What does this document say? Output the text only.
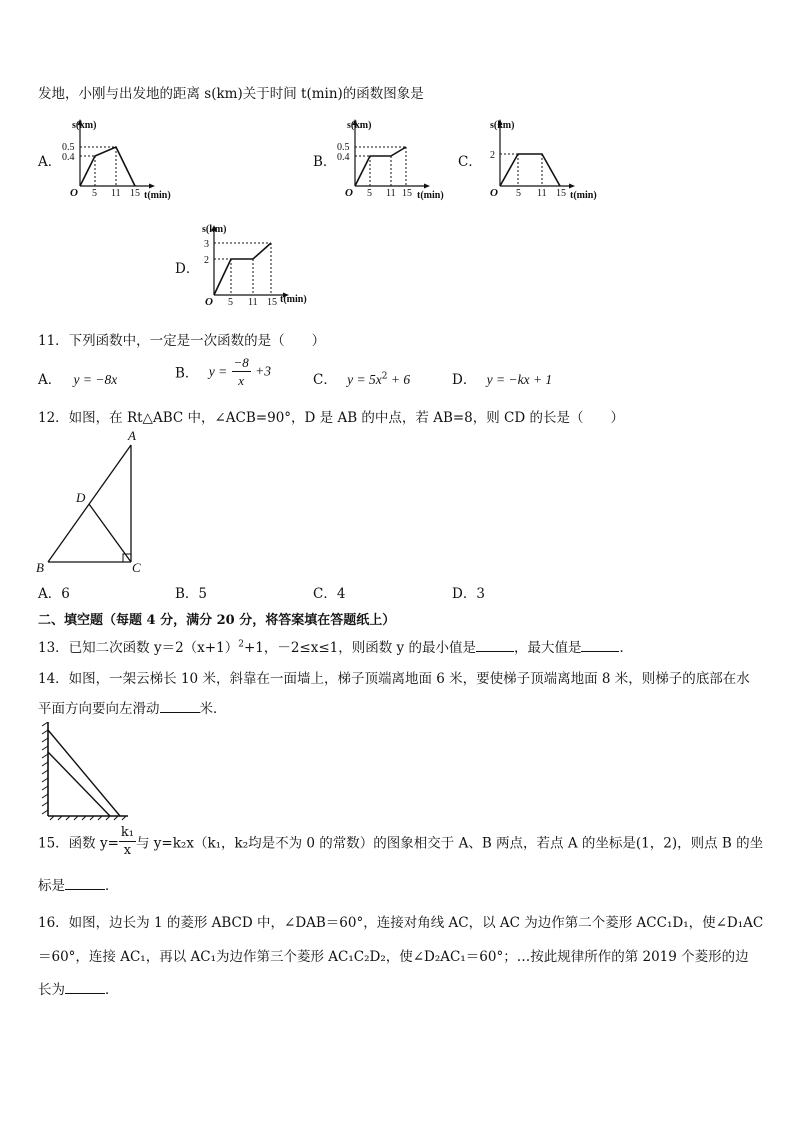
发地，小刚与出发地的距离 s(km)关于时间 t(min)的函数图象是
A．
s(km)
0.5
0.4
O 5 11 15 t(min)
B．
s(km)
0.5
0.4
O 5 11 15 t(min)
C．
s(km)
2
O 5 11 15 t(min)
D．
s(km)
3
2
O 5 11 15 t(min)
11．下列函数中，一定是一次函数的是（　　）
A． y = −8x	B． $y = \frac{-8}{x} +3$
C． $y = 5x^2 + 6$	D． y = −kx + 1
12．如图，在 Rt△ABC 中，∠ACB=90°，D 是 AB 的中点，若 AB=8，则 CD 的长是（　　）
A
D
B	C
A．6	B．5	C．4	D．3
二、填空题（每题 4 分，满分 20 分，将答案填在答题纸上）
13．已知二次函数 $y=2(x+1)^2+1$，－2≤x≤1，则函数 y 的最小值是	，最大值是	．
14．如图，一架云梯长 10 米，斜靠在一面墙上，梯子顶端离地面 6 米，要使梯子顶端离地面 8 米，则梯子的底部在水
平面方向要向左滑动	米．
15．函数 $y= \frac{\text{k₁}}{x}$ 与 y=k₂x（k₁，k₂均是不为 0 的常数）的图象相交于 A、B 两点，若点 A 的坐标是(1，2)，则点 B 的坐
标是	．
16．如图，边长为 1 的菱形 ABCD 中，∠DAB＝60°，连接对角线 AC，以 AC 为边作第二个菱形 ACC₁D₁，使∠D₁AC
＝60°，连接 AC₁，再以 AC₁为边作第三个菱形 AC₁C₂D₂，使∠D₂AC₁＝60°；…按此规律所作的第 2019 个菱形的边
长为	．
